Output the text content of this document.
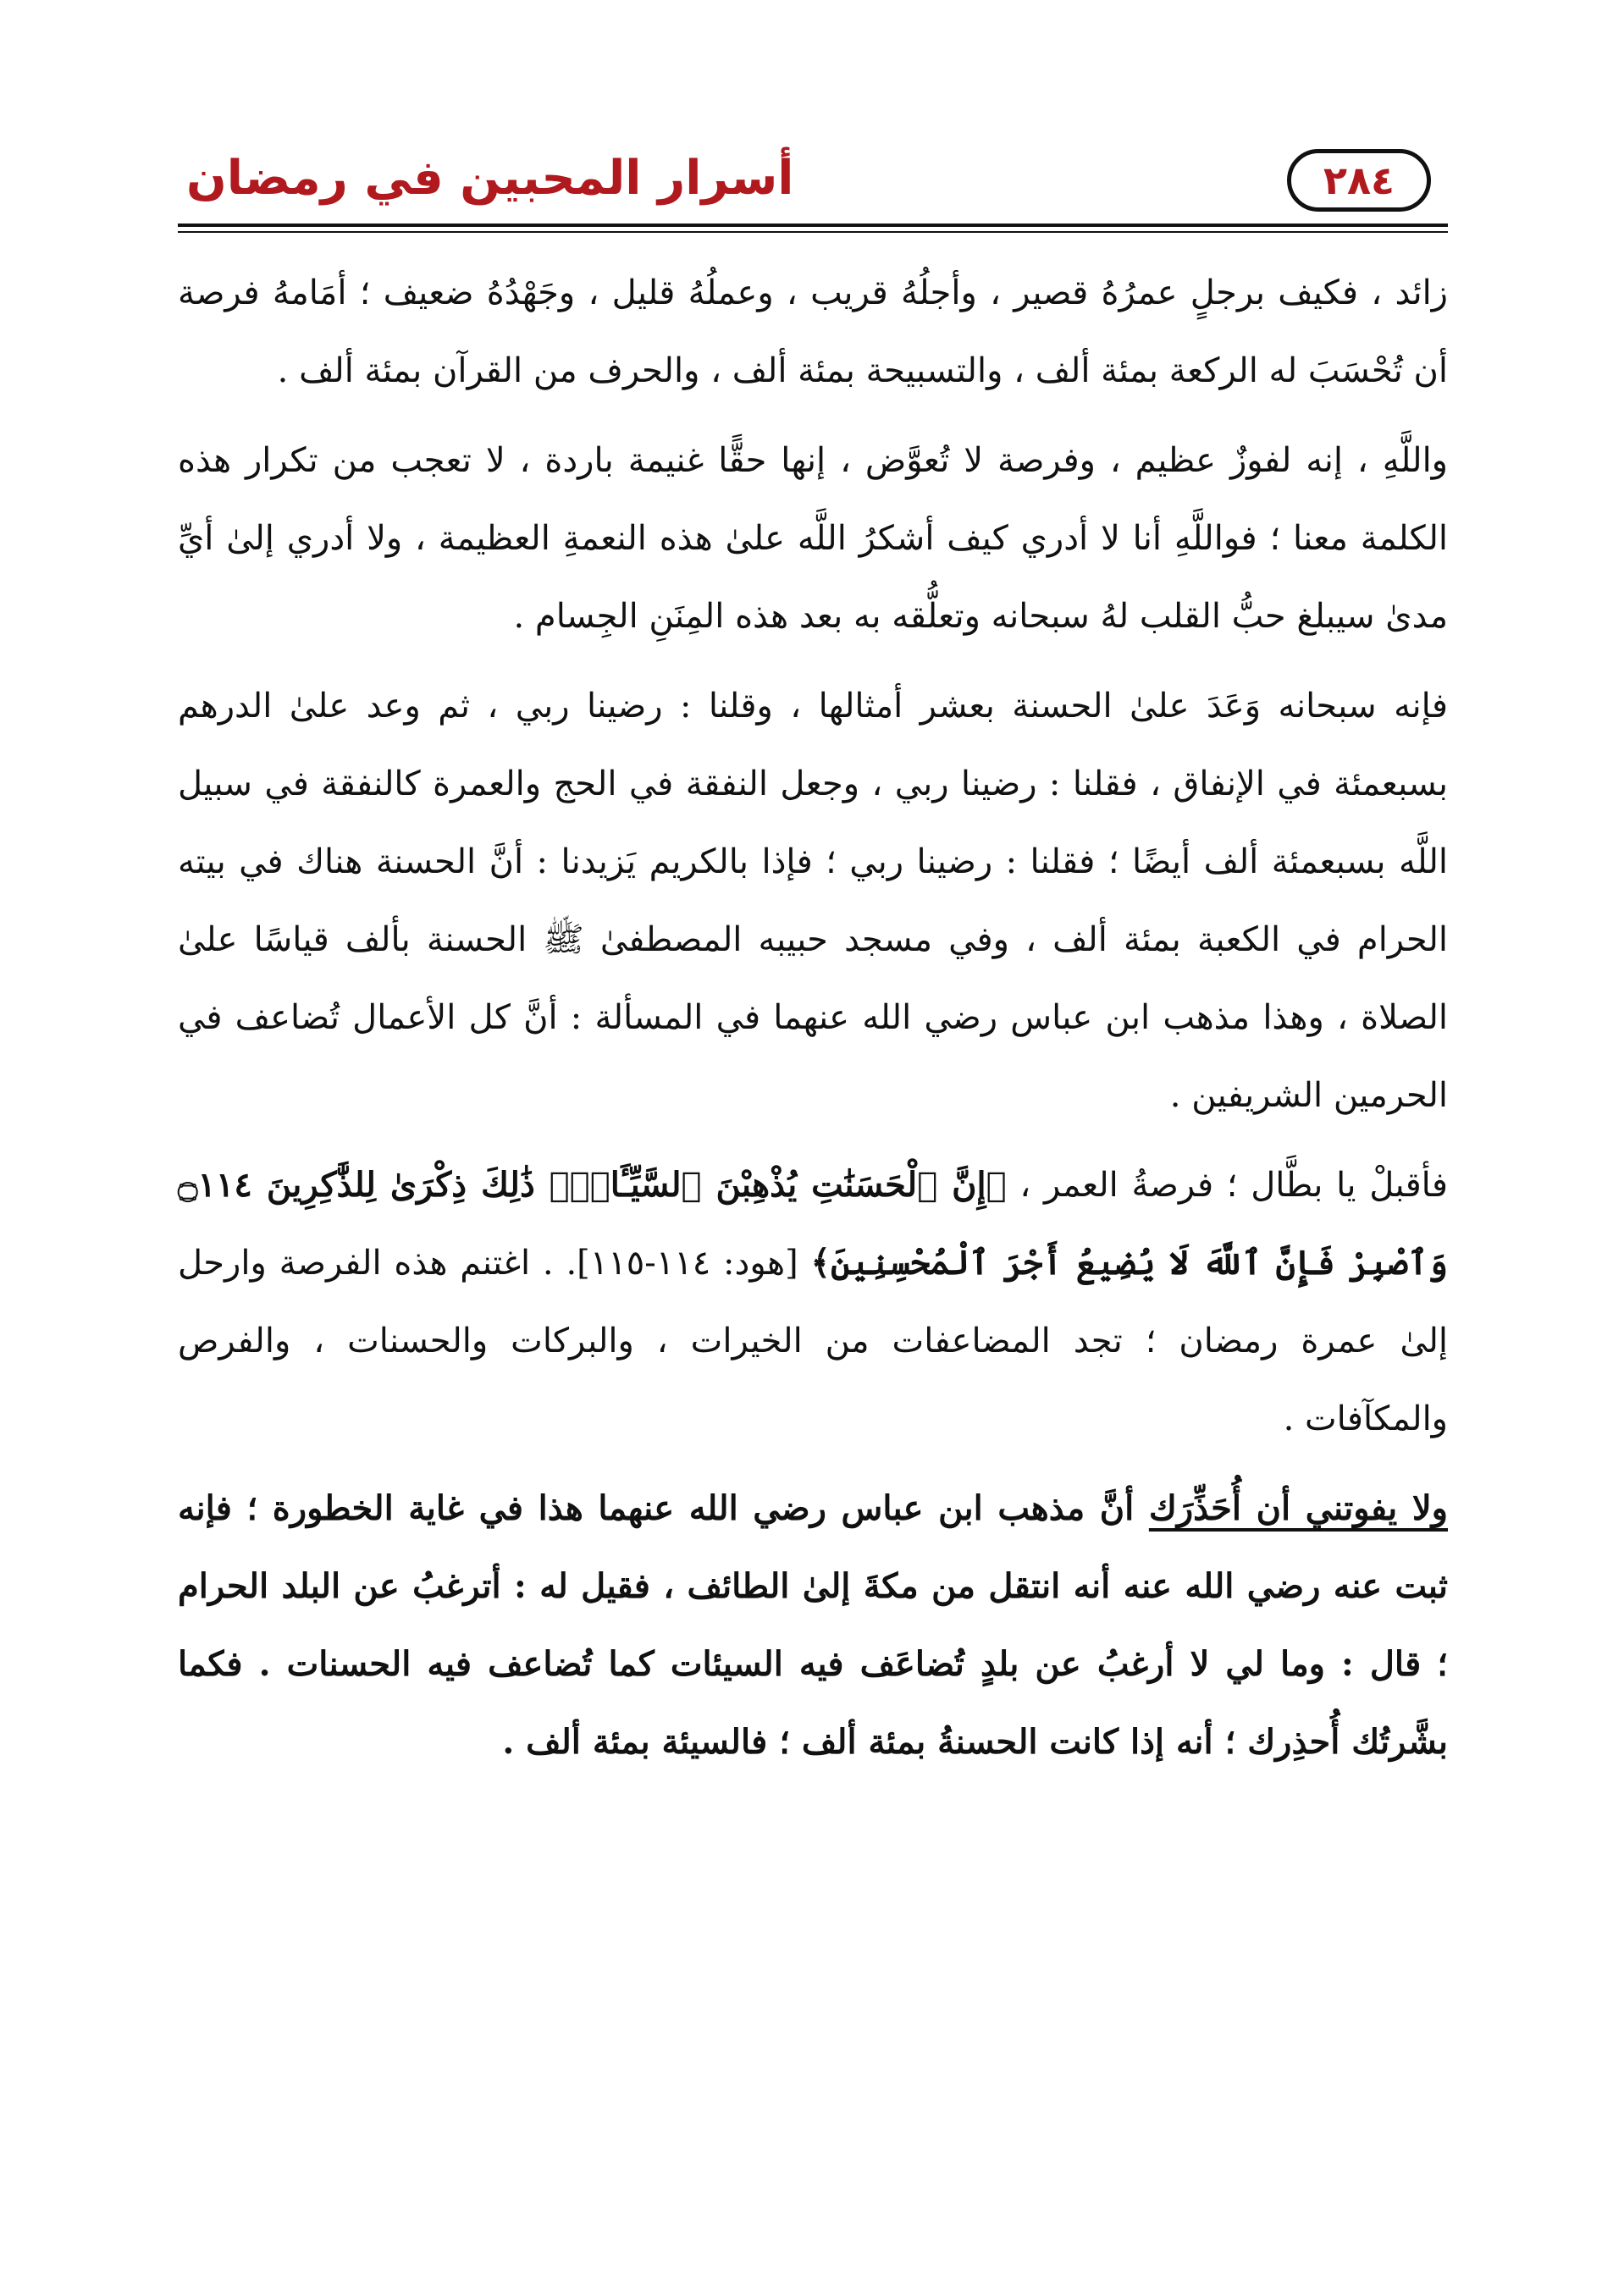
٢٨٤
أسرار المحبين في رمضان

زائد ، فكيف برجلٍ عمرُهُ قصير ، وأجلُهُ قريب ، وعملُهُ قليل ، وجَهْدُهُ ضعيف ؛ أمَامهُ فرصة أن تُحْسَبَ له الركعة بمئة ألف ، والتسبيحة بمئة ألف ، والحرف من القرآن بمئة ألف .

واللَّهِ ، إنه لفوزٌ عظيم ، وفرصة لا تُعوَّض ، إنها حقًّا غنيمة باردة ، لا تعجب من تكرار هذه الكلمة معنا ؛ فواللَّهِ أنا لا أدري كيف أشكرُ اللَّه علىٰ هذه النعمةِ العظيمة ، ولا أدري إلىٰ أيِّ مدىٰ سيبلغ حبُّ القلب لهُ سبحانه وتعلُّقه به بعد هذه المِنَنِ الجِسام .

فإنه سبحانه وَعَدَ علىٰ الحسنة بعشر أمثالها ، وقلنا : رضينا ربي ، ثم وعد علىٰ الدرهم بسبعمئة في الإنفاق ، فقلنا : رضينا ربي ، وجعل النفقة في الحج والعمرة كالنفقة في سبيل اللَّه بسبعمئة ألف أيضًا ؛ فقلنا : رضينا ربي ؛ فإذا بالكريم يَزيدنا : أنَّ الحسنة هناك في بيته الحرام في الكعبة بمئة ألف ، وفي مسجد حبيبه المصطفىٰ ﷺ الحسنة بألف قياسًا علىٰ الصلاة ، وهذا مذهب ابن عباس رضي الله عنهما في المسألة : أنَّ كل الأعمال تُضاعف في الحرمين الشريفين .

فأقبلْ يا بطَّال ؛ فرصةُ العمر ، ﴿إِنَّ ٱلْحَسَنَٰتِ يُذْهِبْنَ ٱلسَّيِّـَٔاتِۚ ذَٰلِكَ ذِكْرَىٰ لِلذَّٰكِرِينَ ۝١١٤ وَٱصْبِرْ فَإِنَّ ٱللَّهَ لَا يُضِيعُ أَجْرَ ٱلْمُحْسِنِينَ﴾ [هود: ١١٤-١١٥]. . اغتنم هذه الفرصة وارحل إلىٰ عمرة رمضان ؛ تجد المضاعفات من الخيرات ، والبركات والحسنات ، والفرص والمكآفات .

ولا يفوتني أن أُحَذِّرَك أنَّ مذهب ابن عباس رضي الله عنهما هذا في غاية الخطورة ؛ فإنه ثبت عنه رضي الله عنه أنه انتقل من مكةَ إلىٰ الطائف ، فقيل له : أترغبُ عن البلد الحرام ؛ قال : وما لي لا أرغبُ عن بلدٍ تُضاعَف فيه السيئات كما تُضاعف فيه الحسنات . فكما بشَّرتُك أُحذِرك ؛ أنه إذا كانت الحسنةُ بمئة ألف ؛ فالسيئة بمئة ألف .
